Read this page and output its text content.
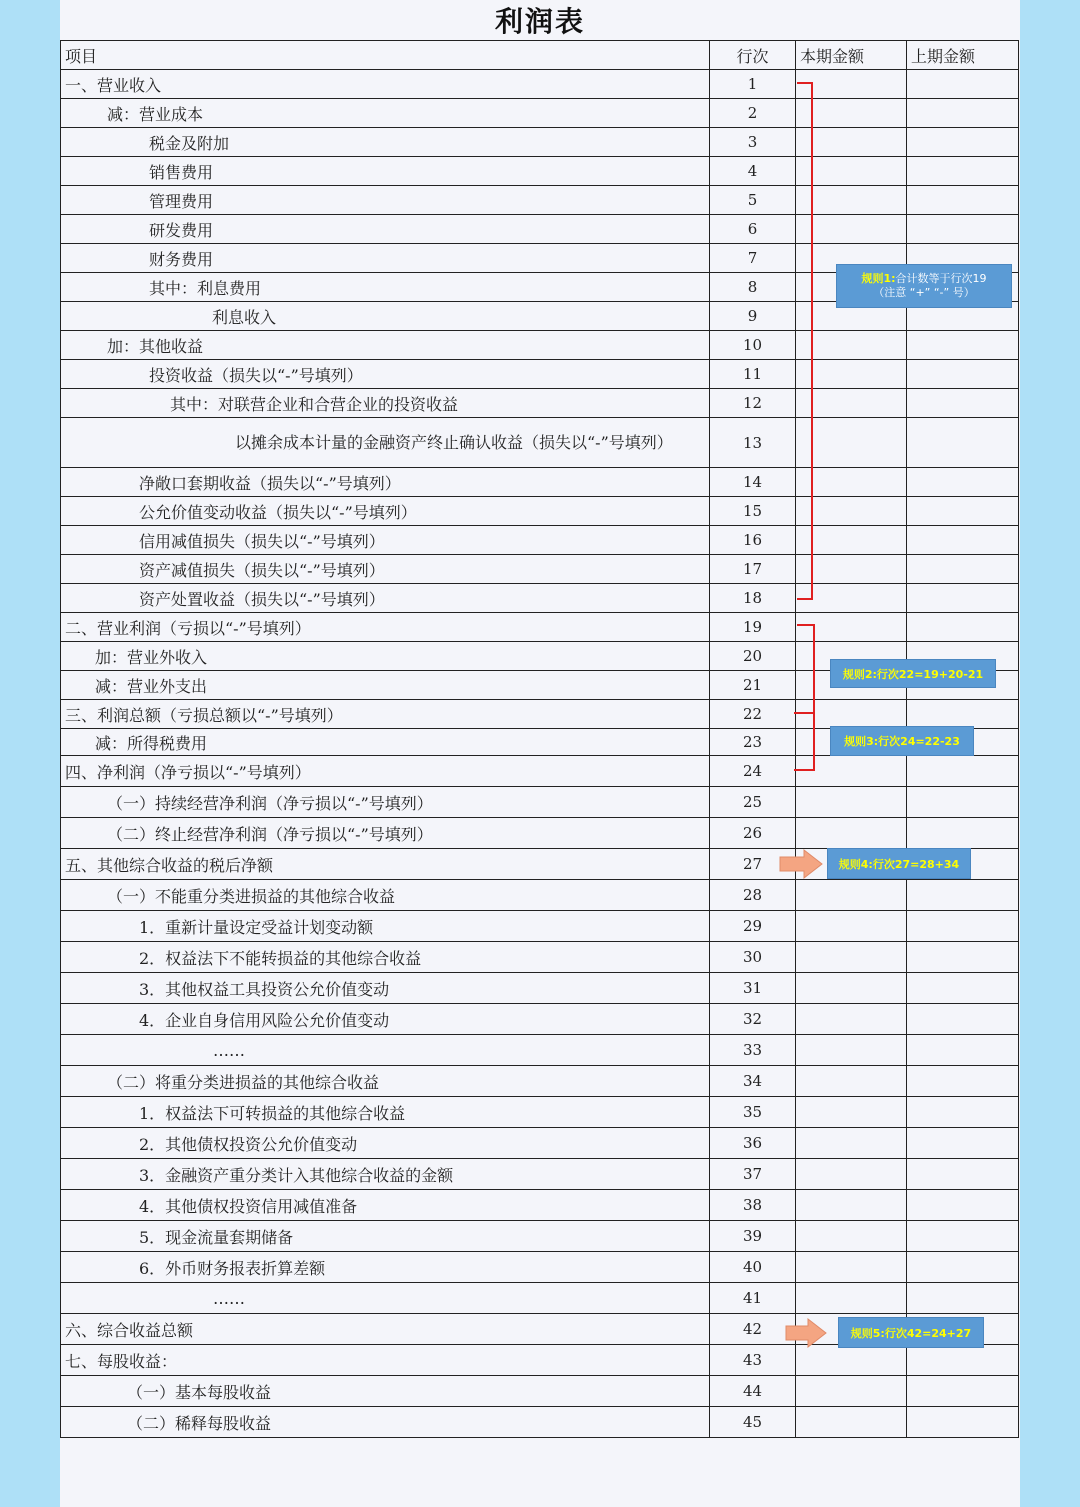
利润表
项目	行次	本期金额	上期金额
一、营业收入	1		
减：营业成本	2		
税金及附加	3		
销售费用	4		
管理费用	5		
研发费用	6		
财务费用	7		
其中：利息费用	8		
利息收入	9		
加：其他收益	10		
投资收益（损失以“-”号填列）	11		
其中：对联营企业和合营企业的投资收益	12		
以摊余成本计量的金融资产终止确认收益（损失以“-”号填列）	13		
净敞口套期收益（损失以“-”号填列）	14		
公允价值变动收益（损失以“-”号填列）	15		
信用减值损失（损失以“-”号填列）	16		
资产减值损失（损失以“-”号填列）	17		
资产处置收益（损失以“-”号填列）	18		
二、营业利润（亏损以“-”号填列）	19		
加：营业外收入	20		
减：营业外支出	21		
三、利润总额（亏损总额以“-”号填列）	22		
减：所得税费用	23		
四、净利润（净亏损以“-”号填列）	24		
（一）持续经营净利润（净亏损以“-”号填列）	25		
（二）终止经营净利润（净亏损以“-”号填列）	26		
五、其他综合收益的税后净额	27		
（一）不能重分类进损益的其他综合收益	28		
1．重新计量设定受益计划变动额	29		
2．权益法下不能转损益的其他综合收益	30		
3．其他权益工具投资公允价值变动	31		
4．企业自身信用风险公允价值变动	32		
……	33		
（二）将重分类进损益的其他综合收益	34		
1．权益法下可转损益的其他综合收益	35		
2．其他债权投资公允价值变动	36		
3．金融资产重分类计入其他综合收益的金额	37		
4．其他债权投资信用减值准备	38		
5．现金流量套期储备	39		
6．外币财务报表折算差额	40		
……	41		
六、综合收益总额	42		
七、每股收益：	43		
（一）基本每股收益	44		
（二）稀释每股收益	45		
规则1:合计数等于行次19
（注意 “+” “-” 号）
规则2:行次22=19+20-21
规则3:行次24=22-23
规则4:行次27=28+34
规则5:行次42=24+27
